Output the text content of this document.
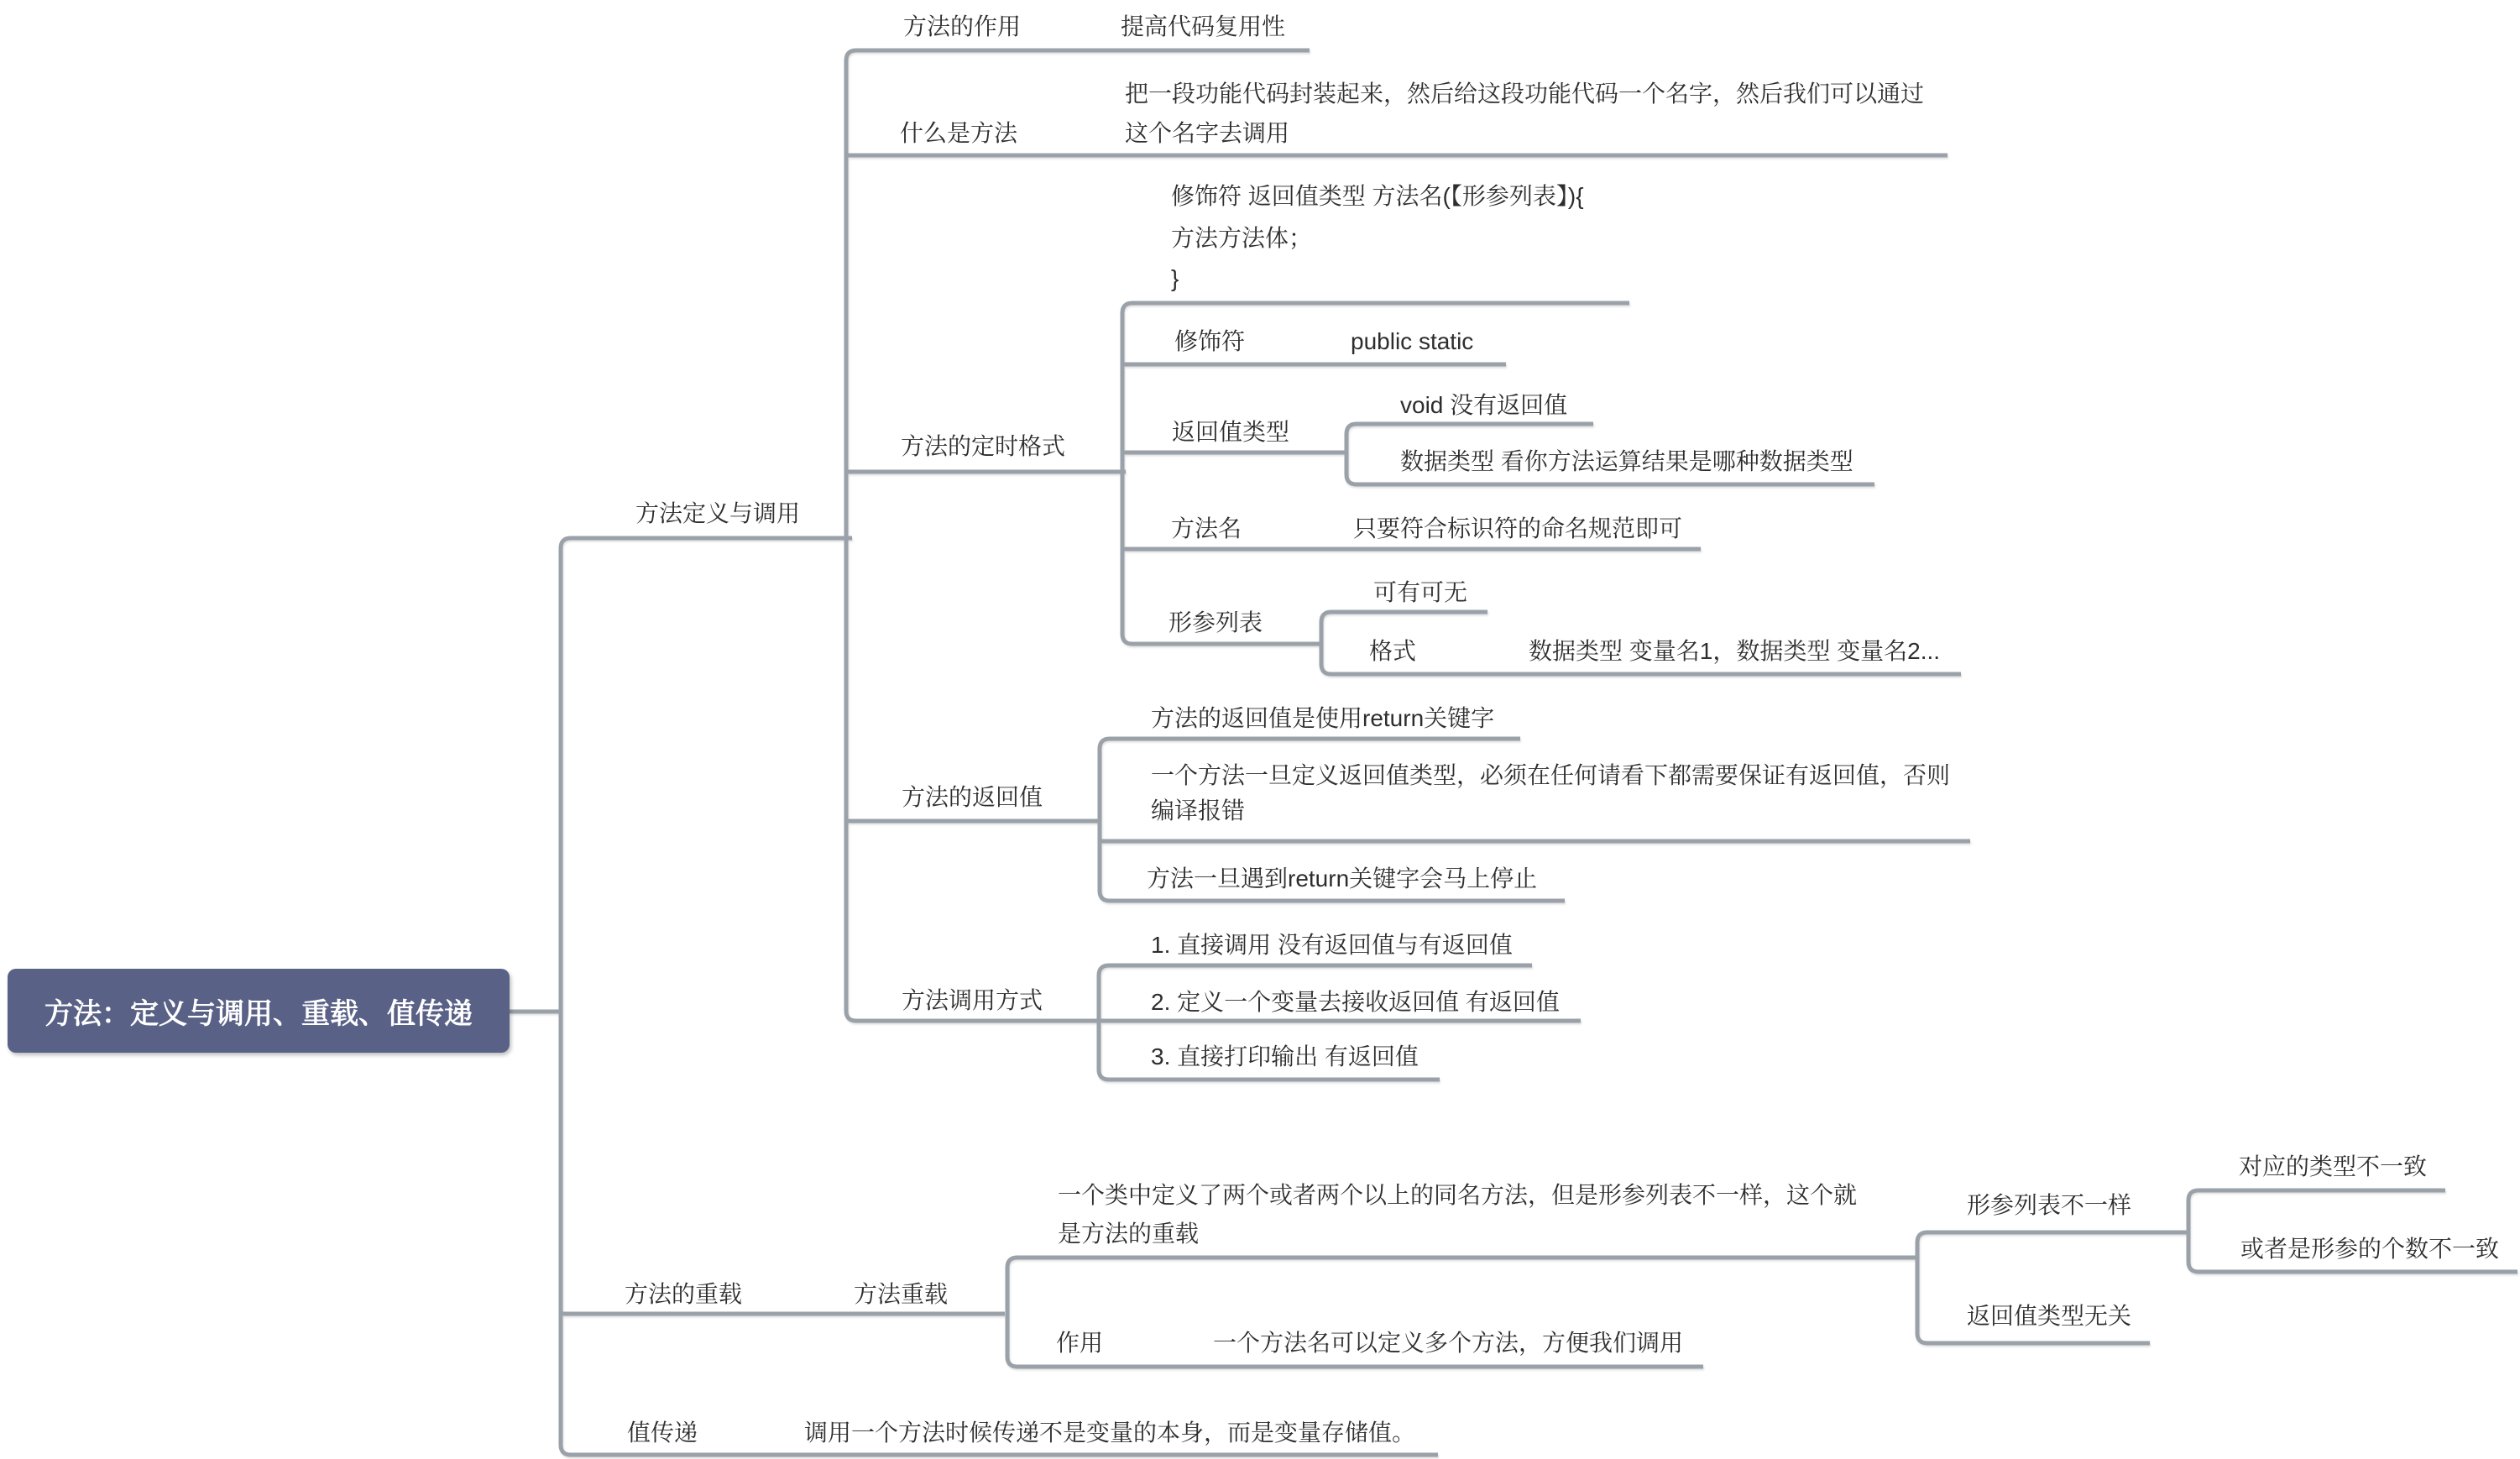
方法：定义与调用、重载、值传递
方法定义与调用
方法的作用	提高代码复用性
什么是方法
把一段功能代码封装起来，然后给这段功能代码一个名字，然后我们可以通过
这个名字去调用
方法的定时格式
修饰符 返回值类型 方法名(【形参列表】){
方法方法体；
}
修饰符	public static
返回值类型
void 没有返回值
数据类型 看你方法运算结果是哪种数据类型
方法名	只要符合标识符的命名规范即可
形参列表
可有可无
格式	数据类型 变量名1，数据类型 变量名2...
方法的返回值
方法的返回值是使用return关键字
一个方法一旦定义返回值类型，必须在任何请看下都需要保证有返回值，否则
编译报错
方法一旦遇到return关键字会马上停止
方法调用方式
1. 直接调用 没有返回值与有返回值
2. 定义一个变量去接收返回值 有返回值
3. 直接打印输出 有返回值
方法的重载	方法重载
一个类中定义了两个或者两个以上的同名方法，但是形参列表不一样，这个就
是方法的重载
形参列表不一样
对应的类型不一致
或者是形参的个数不一致
返回值类型无关
作用	一个方法名可以定义多个方法，方便我们调用
值传递	调用一个方法时候传递不是变量的本身，而是变量存储值。
